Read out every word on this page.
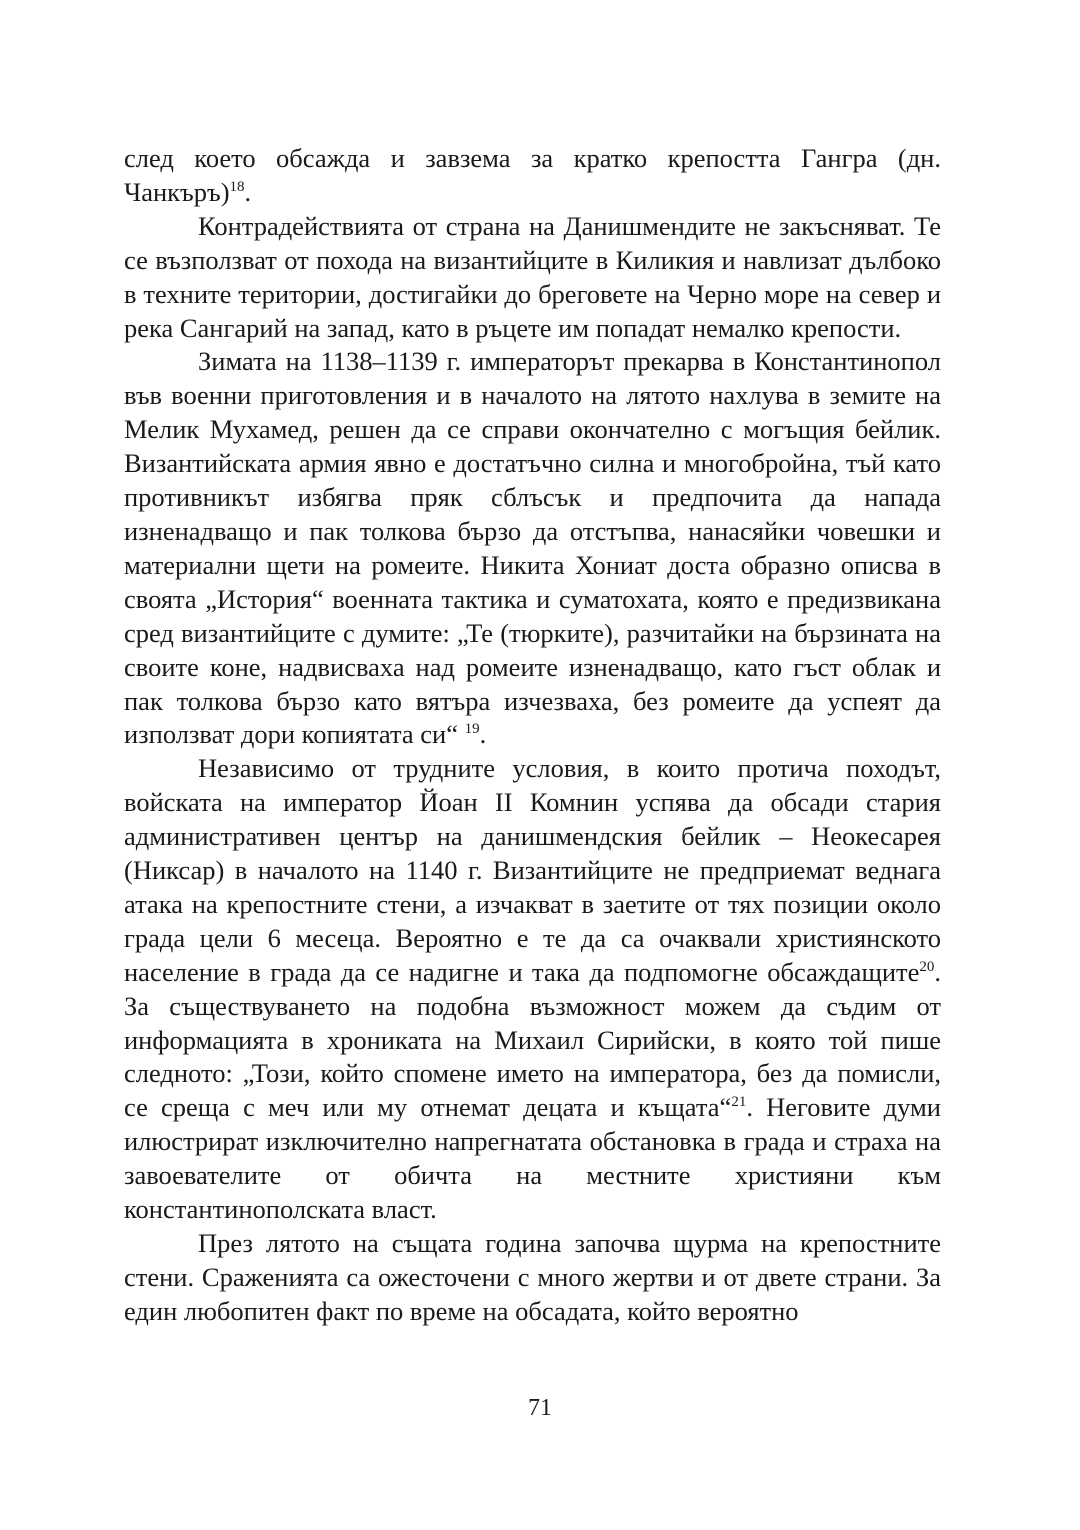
след което обсажда и завзема за кратко крепостта Гангра (дн. Чанкъръ)$^{18}$.

Контрадействията от страна на Данишмендите не закъсняват. Те се възползват от похода на византийците в Киликия и навлизат дълбоко в техните територии, достигайки до бреговете на Черно море на север и река Сангарий на запад, като в ръцете им попадат немалко крепости.

Зимата на 1138–1139 г. императорът прекарва в Константинопол във военни приготовления и в началото на лятото нахлува в земите на Мелик Мухамед, решен да се справи окончателно с могъщия бейлик. Византийската армия явно е достатъчно силна и многобройна, тъй като противникът избягва пряк сблъсък и предпочита да напада изненадващо и пак толкова бързо да отстъпва, нанасяйки човешки и материални щети на ромеите. Никита Хониат доста образно описва в своята „История“ военната тактика и суматохата, която е предизвикана сред византийците с думите: „Те (тюрките), разчитайки на бързината на своите коне, надвисваха над ромеите изненадващо, като гъст облак и пак толкова бързо като вятъра изчезваха, без ромеите да успеят да използват дори копиятата си“ $^{19}$.

Независимо от трудните условия, в които протича походът, войската на император Йоан II Комнин успява да обсади стария административен център на данишмендския бейлик – Неокесарея (Никсар) в началото на 1140 г. Византийците не предприемат веднага атака на крепостните стени, а изчакват в заетите от тях позиции около града цели 6 месеца. Вероятно е те да са очаквали християнското население в града да се надигне и така да подпомогне обсаждащите$^{20}$. За съществуването на подобна възможност можем да съдим от информацията в хрониката на Михаил Сирийски, в която той пише следното: „Този, който спомене името на императора, без да помисли, се среща с меч или му отнемат децата и къщата“$^{21}$. Неговите думи илюстрират изключително напрегнатата обстановка в града и страха на завоевателите от обичта на местните християни към константинополската власт.

През лятото на същата година започва щурма на крепостните стени. Сраженията са ожесточени с много жертви и от двете страни. За един любопитен факт по време на обсадата, който вероятно

71
